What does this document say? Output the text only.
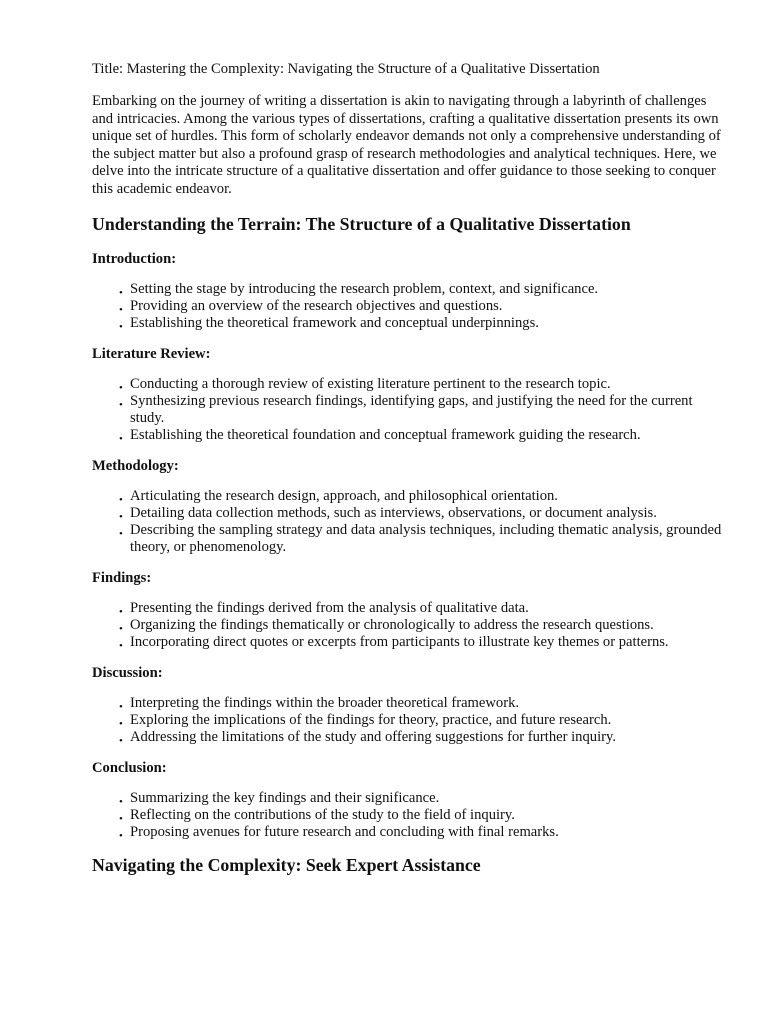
Title: Mastering the Complexity: Navigating the Structure of a Qualitative Dissertation

Embarking on the journey of writing a dissertation is akin to navigating through a labyrinth of challenges and intricacies. Among the various types of dissertations, crafting a qualitative dissertation presents its own unique set of hurdles. This form of scholarly endeavor demands not only a comprehensive understanding of the subject matter but also a profound grasp of research methodologies and analytical techniques. Here, we delve into the intricate structure of a qualitative dissertation and offer guidance to those seeking to conquer this academic endeavor.

Understanding the Terrain: The Structure of a Qualitative Dissertation
Introduction:
• Setting the stage by introducing the research problem, context, and significance.
• Providing an overview of the research objectives and questions.
• Establishing the theoretical framework and conceptual underpinnings.
Literature Review:
• Conducting a thorough review of existing literature pertinent to the research topic.
• Synthesizing previous research findings, identifying gaps, and justifying the need for the current study.
• Establishing the theoretical foundation and conceptual framework guiding the research.
Methodology:
• Articulating the research design, approach, and philosophical orientation.
• Detailing data collection methods, such as interviews, observations, or document analysis.
• Describing the sampling strategy and data analysis techniques, including thematic analysis, grounded theory, or phenomenology.
Findings:
• Presenting the findings derived from the analysis of qualitative data.
• Organizing the findings thematically or chronologically to address the research questions.
• Incorporating direct quotes or excerpts from participants to illustrate key themes or patterns.
Discussion:
• Interpreting the findings within the broader theoretical framework.
• Exploring the implications of the findings for theory, practice, and future research.
• Addressing the limitations of the study and offering suggestions for further inquiry.
Conclusion:
• Summarizing the key findings and their significance.
• Reflecting on the contributions of the study to the field of inquiry.
• Proposing avenues for future research and concluding with final remarks.
Navigating the Complexity: Seek Expert Assistance
